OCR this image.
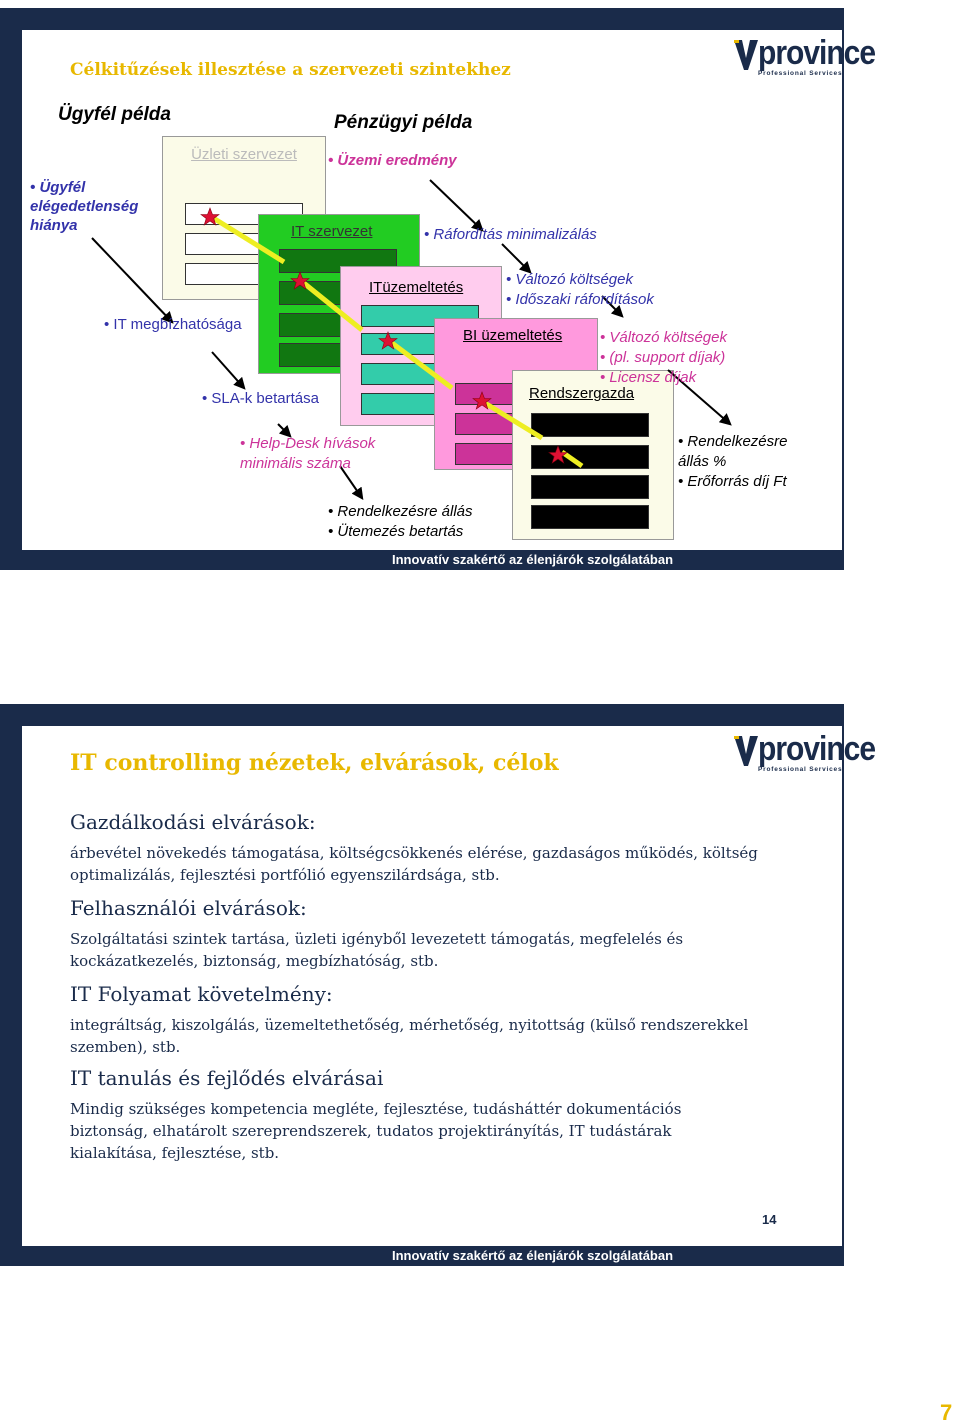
Célkitűzések illesztése a szervezeti szintekhez	province
Professional Services
Ügyfél példa	Pénzügyi példa
Üzleti szervezet
IT szervezet
ITüzemeltetés
BI üzemeltetés
Rendszergazda
• Ügyfél elégedetlenség hiánya
• IT megbízhatósága
• SLA-k betartása
• Help-Desk hívások minimális száma
• Rendelkezésre állás
• Ütemezés betartás
• Üzemi eredmény
• Ráfordítás minimalizálás
• Változó költségek
• Időszaki ráfordítások
• Változó költségek
• (pl. support díjak)
• Licensz díjak
• Rendelkezésre állás %
• Erőforrás díj Ft
Innovatív szakértő az élenjárók szolgálatában
IT controlling nézetek, elvárások, célok	province
Professional Services
Gazdálkodási elvárások:
árbevétel növekedés támogatása, költségcsökkenés elérése, gazdaságos működés, költség optimalizálás, fejlesztési portfólió egyenszilárdsága, stb.
Felhasználói elvárások:
Szolgáltatási szintek tartása, üzleti igényből levezetett támogatás, megfelelés és kockázatkezelés, biztonság, megbízhatóság, stb.
IT Folyamat követelmény:
integráltság, kiszolgálás, üzemeltethetőség, mérhetőség, nyitottság (külső rendszerekkel szemben), stb.
IT tanulás és fejlődés elvárásai
Mindig szükséges kompetencia megléte, fejlesztése, tudásháttér dokumentációs biztonság, elhatárolt szereprendszerek, tudatos projektirányítás, IT tudástárak kialakítása, fejlesztése, stb.
14
Innovatív szakértő az élenjárók szolgálatában
7
